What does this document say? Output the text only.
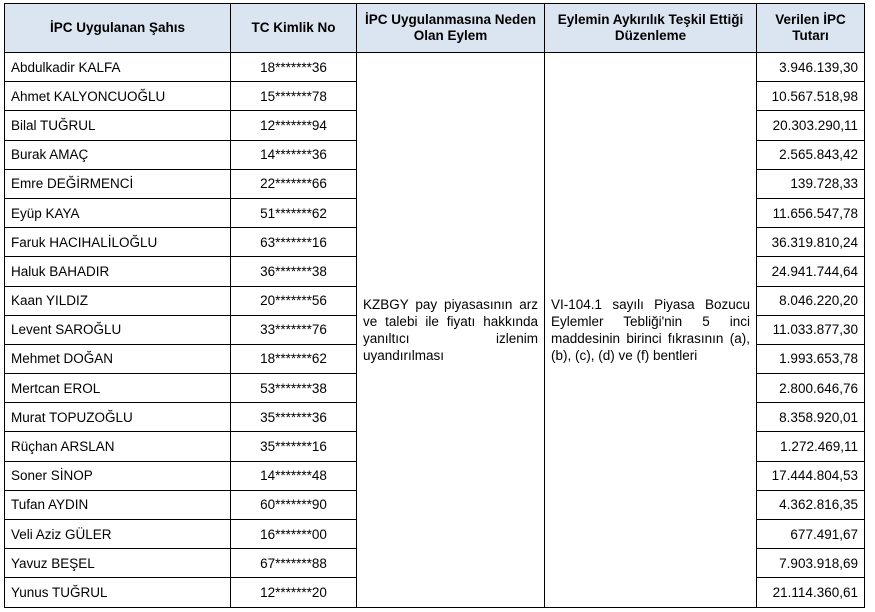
İPC Uygulanan Şahıs	TC Kimlik No	İPC Uygulanmasına Neden Olan Eylem	Eylemin Aykırılık Teşkil Ettiği Düzenleme	Verilen İPC Tutarı
Abdulkadir KALFA	18*******36	KZBGY pay piyasasının arz ve talebi ile fiyatı hakkında yanıltıcı izlenim uyandırılması	VI-104.1 sayılı Piyasa Bozucu Eylemler Tebliği'nin 5 inci maddesinin birinci fıkrasının (a), (b), (c), (d) ve (f) bentleri	3.946.139,30
Ahmet KALYONCUOĞLU	15*******78			10.567.518,98
Bilal TUĞRUL	12*******94			20.303.290,11
Burak AMAÇ	14*******36			2.565.843,42
Emre DEĞİRMENCİ	22*******66			139.728,33
Eyüp KAYA	51*******62			11.656.547,78
Faruk HACIHALİLOĞLU	63*******16			36.319.810,24
Haluk BAHADIR	36*******38			24.941.744,64
Kaan YILDIZ	20*******56			8.046.220,20
Levent SAROĞLU	33*******76			11.033.877,30
Mehmet DOĞAN	18*******62			1.993.653,78
Mertcan EROL	53*******38			2.800.646,76
Murat TOPUZOĞLU	35*******36			8.358.920,01
Rüçhan ARSLAN	35*******16			1.272.469,11
Soner SİNOP	14*******48			17.444.804,53
Tufan AYDIN	60*******90			4.362.816,35
Veli Aziz GÜLER	16*******00			677.491,67
Yavuz BEŞEL	67*******88			7.903.918,69
Yunus TUĞRUL	12*******20			21.114.360,61
